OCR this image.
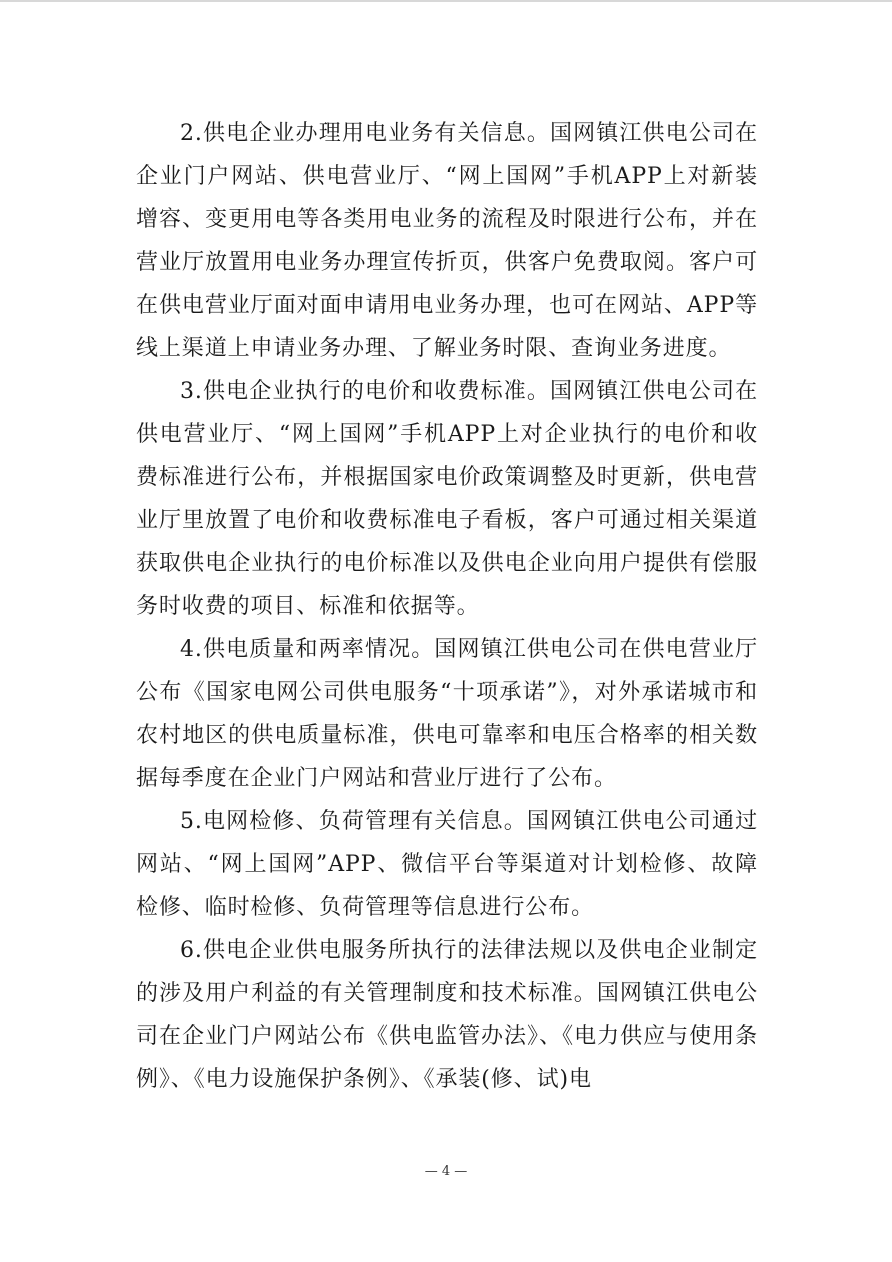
2.供电企业办理用电业务有关信息。国网镇江供电公司在企业门户网站、供电营业厅、“网上国网”手机APP上对新装增容、变更用电等各类用电业务的流程及时限进行公布，并在营业厅放置用电业务办理宣传折页，供客户免费取阅。客户可在供电营业厅面对面申请用电业务办理，也可在网站、APP等线上渠道上申请业务办理、了解业务时限、查询业务进度。

3.供电企业执行的电价和收费标准。国网镇江供电公司在供电营业厅、“网上国网”手机APP上对企业执行的电价和收费标准进行公布，并根据国家电价政策调整及时更新，供电营业厅里放置了电价和收费标准电子看板，客户可通过相关渠道获取供电企业执行的电价标准以及供电企业向用户提供有偿服务时收费的项目、标准和依据等。

4.供电质量和两率情况。国网镇江供电公司在供电营业厅公布《国家电网公司供电服务“十项承诺”》，对外承诺城市和农村地区的供电质量标准，供电可靠率和电压合格率的相关数据每季度在企业门户网站和营业厅进行了公布。

5.电网检修、负荷管理有关信息。国网镇江供电公司通过网站、“网上国网”APP、微信平台等渠道对计划检修、故障检修、临时检修、负荷管理等信息进行公布。

6.供电企业供电服务所执行的法律法规以及供电企业制定的涉及用户利益的有关管理制度和技术标准。国网镇江供电公司在企业门户网站公布《供电监管办法》、《电力供应与使用条例》、《电力设施保护条例》、《承装(修、试)电

— 4 —
